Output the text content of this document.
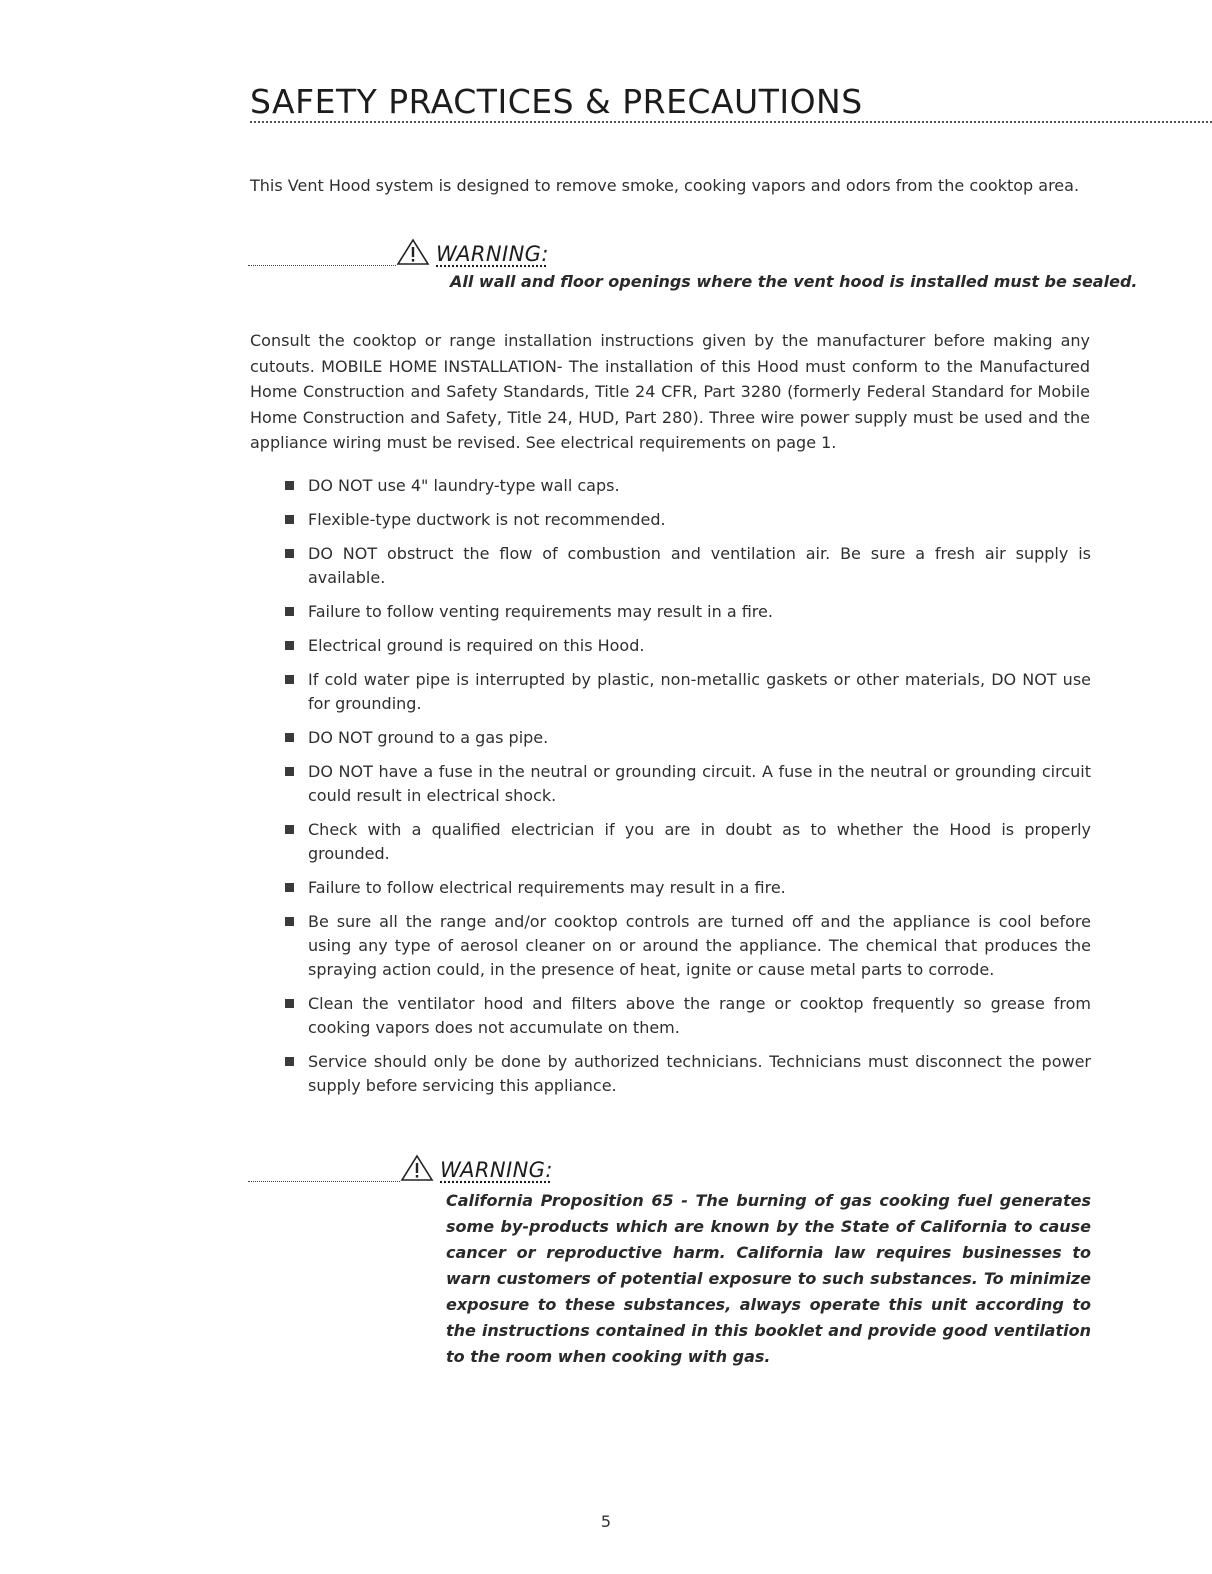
SAFETY PRACTICES & PRECAUTIONS

This Vent Hood system is designed to remove smoke, cooking vapors and odors from the cooktop area.

WARNING:

All wall and floor openings where the vent hood is installed must be sealed.

Consult the cooktop or range installation instructions given by the manufacturer before making any cutouts. MOBILE HOME INSTALLATION- The installation of this Hood must conform to the Manufactured Home Construction and Safety Standards, Title 24 CFR, Part 3280 (formerly Federal Standard for Mobile Home Construction and Safety, Title 24, HUD, Part 280). Three wire power supply must be used and the appliance wiring must be revised. See electrical requirements on page 1.

DO NOT use 4" laundry-type wall caps.
Flexible-type ductwork is not recommended.
DO NOT obstruct the flow of combustion and ventilation air. Be sure a fresh air supply is available.
Failure to follow venting requirements may result in a fire.
Electrical ground is required on this Hood.
If cold water pipe is interrupted by plastic, non-metallic gaskets or other materials, DO NOT use for grounding.
DO NOT ground to a gas pipe.
DO NOT have a fuse in the neutral or grounding circuit. A fuse in the neutral or grounding circuit could result in electrical shock.
Check with a qualified electrician if you are in doubt as to whether the Hood is properly grounded.
Failure to follow electrical requirements may result in a fire.
Be sure all the range and/or cooktop controls are turned off and the appliance is cool before using any type of aerosol cleaner on or around the appliance. The chemical that produces the spraying action could, in the presence of heat, ignite or cause metal parts to corrode.
Clean the ventilator hood and filters above the range or cooktop frequently so grease from cooking vapors does not accumulate on them.
Service should only be done by authorized technicians. Technicians must disconnect the power supply before servicing this appliance.
WARNING:

California Proposition 65 - The burning of gas cooking fuel generates some by-products which are known by the State of California to cause cancer or reproductive harm. California law requires businesses to warn customers of potential exposure to such substances. To minimize exposure to these substances, always operate this unit according to the instructions contained in this booklet and provide good ventilation to the room when cooking with gas.

5
